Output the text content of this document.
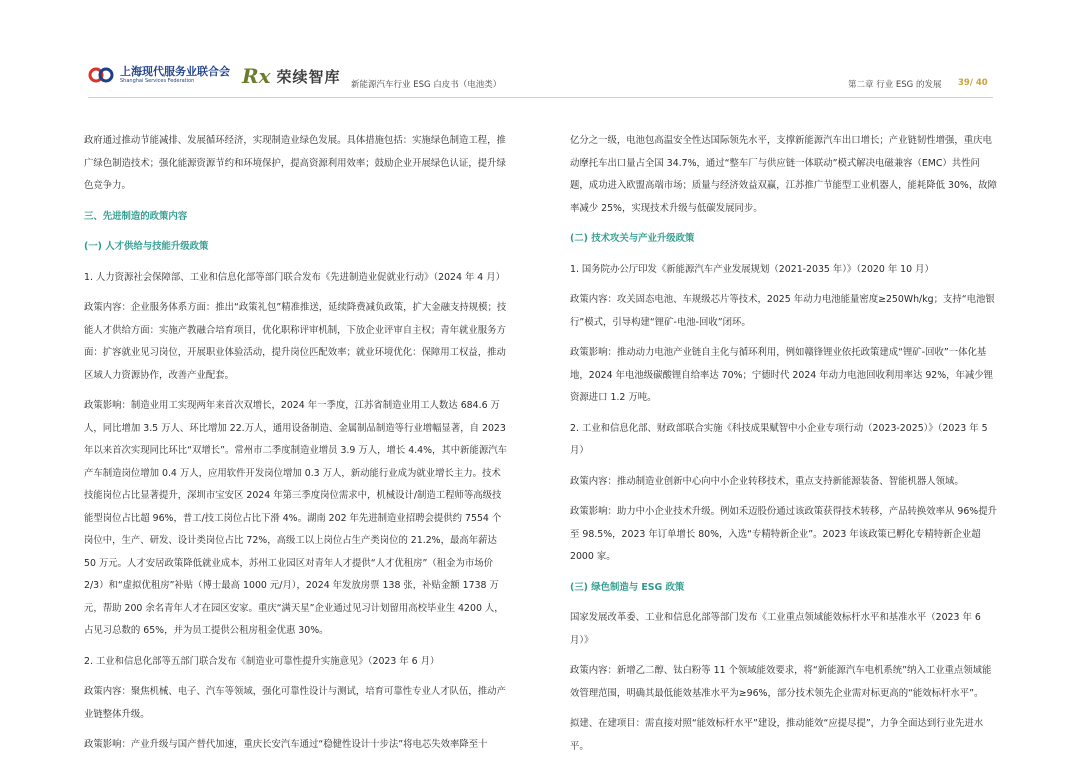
上海现代服务业联合会
Shanghai Services Federation	Rx 荣续智库 新能源汽车行业 ESG 白皮书（电池类）	第二章 行业 ESG 的发展 39/ 40

政府通过推动节能减排、发展循环经济，实现制造业绿色发展。具体措施包括：实施绿色制造工程，推广绿色制造技术；强化能源资源节约和环境保护，提高资源利用效率；鼓励企业开展绿色认证，提升绿色竞争力。

三、先进制造的政策内容

(一) 人才供给与技能升级政策

1. 人力资源社会保障部、工业和信息化部等部门联合发布《先进制造业促就业行动》（2024 年 4 月）

政策内容：企业服务体系方面：推出“政策礼包”精准推送，延续降费减负政策，扩大金融支持规模；技能人才供给方面：实施产教融合培育项目，优化职称评审机制，下放企业评审自主权；青年就业服务方面：扩容就业见习岗位，开展职业体验活动，提升岗位匹配效率；就业环境优化：保障用工权益，推动区域人力资源协作，改善产业配套。

政策影响：制造业用工实现两年来首次双增长，2024 年一季度，江苏省制造业用工人数达 684.6 万人，同比增加 3.5 万人、环比增加 22.万人，通用设备制造、金属制品制造等行业增幅显著，自 2023 年以来首次实现同比环比“双增长”。常州市二季度制造业增员 3.9 万人，增长 4.4%，其中新能源汽车产车制造岗位增加 0.4 万人，应用软件开发岗位增加 0.3 万人，新动能行业成为就业增长主力。技术技能岗位占比显著提升，深圳市宝安区 2024 年第三季度岗位需求中，机械设计/制造工程师等高级技能型岗位占比超 96%，普工/技工岗位占比下滑 4%。湖南 202 年先进制造业招聘会提供约 7554 个岗位中，生产、研发、设计类岗位占比 72%，高级工以上岗位占生产类岗位的 21.2%，最高年薪达 50 万元。人才安居政策降低就业成本，苏州工业园区对青年人才提供“人才优租房”（租金为市场价 2/3）和“虚拟优租房”补贴（博士最高 1000 元/月），2024 年发放房票 138 张，补贴金额 1738 万元，帮助 200 余名青年人才在园区安家。重庆“满天星”企业通过见习计划留用高校毕业生 4200 人，占见习总数的 65%，并为员工提供公租房租金优惠 30%。

2. 工业和信息化部等五部门联合发布《制造业可靠性提升实施意见》（2023 年 6 月）

政策内容：聚焦机械、电子、汽车等领域，强化可靠性设计与测试，培育可靠性专业人才队伍，推动产业链整体升级。

政策影响：产业升级与国产替代加速，重庆长安汽车通过“稳健性设计十步法”将电芯失效率降至十

亿分之一级，电池包高温安全性达国际领先水平，支撑新能源汽车出口增长；产业链韧性增强，重庆电动摩托车出口量占全国 34.7%，通过“整车厂与供应链一体联动”模式解决电磁兼容（EMC）共性问题，成功进入欧盟高端市场；质量与经济效益双赢，江苏推广节能型工业机器人，能耗降低 30%，故障率减少 25%，实现技术升级与低碳发展同步。

(二) 技术攻关与产业升级政策

1. 国务院办公厅印发《新能源汽车产业发展规划（2021-2035 年）》（2020 年 10 月）

政策内容：攻关固态电池、车规级芯片等技术，2025 年动力电池能量密度≥250Wh/kg；支持“电池银行”模式，引导构建“锂矿-电池-回收”闭环。

政策影响：推动动力电池产业链自主化与循环利用，例如赣锋锂业依托政策建成“锂矿-回收”一体化基地，2024 年电池级碳酸锂自给率达 70%；宁德时代 2024 年动力电池回收利用率达 92%，年减少锂资源进口 1.2 万吨。

2. 工业和信息化部、财政部联合实施《科技成果赋智中小企业专项行动（2023-2025）》（2023 年 5 月）

政策内容：推动制造业创新中心向中小企业转移技术，重点支持新能源装备、智能机器人领域。

政策影响：助力中小企业技术升级。例如禾迈股份通过该政策获得技术转移，产品转换效率从 96%提升至 98.5%，2023 年订单增长 80%，入选“专精特新企业”。2023 年该政策已孵化专精特新企业超 2000 家。

(三) 绿色制造与 ESG 政策

国家发展改革委、工业和信息化部等部门发布《工业重点领域能效标杆水平和基准水平（2023 年 6 月）》

政策内容：新增乙二醇、钛白粉等 11 个领域能效要求，将“新能源汽车电机系统”纳入工业重点领域能效管理范围，明确其最低能效基准水平为≥96%，部分技术领先企业需对标更高的“能效标杆水平”。

拟建、在建项目：需直接对照“能效标杆水平”建设，推动能效“应提尽提”，力争全面达到行业先进水平。
